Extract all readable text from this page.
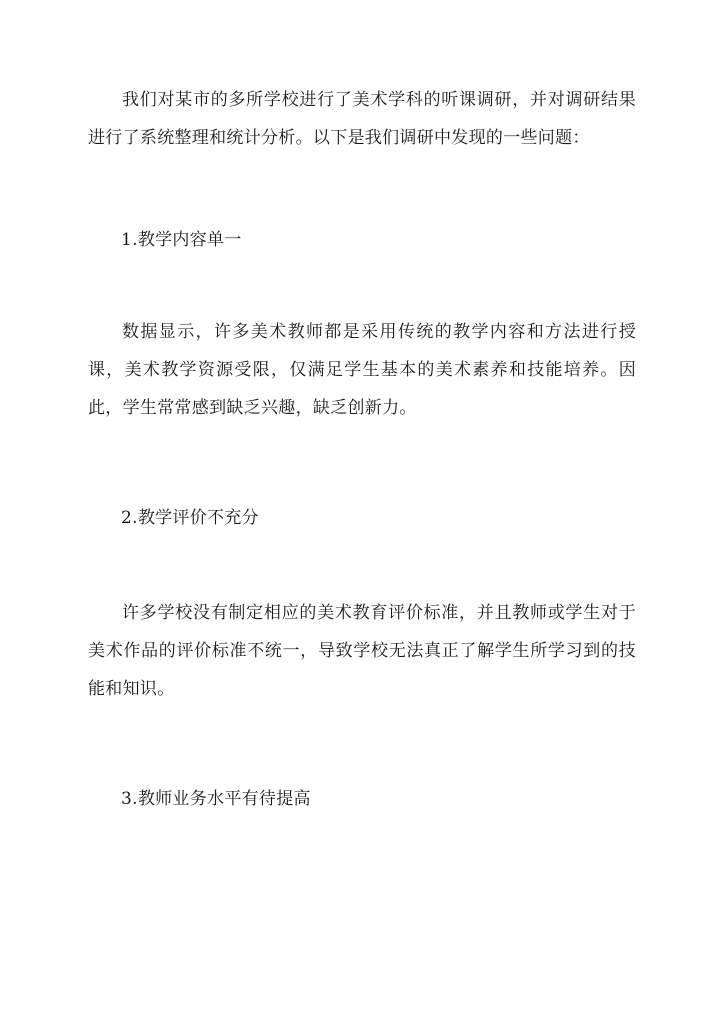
我们对某市的多所学校进行了美术学科的听课调研，并对调研结果进行了系统整理和统计分析。以下是我们调研中发现的一些问题：

1.教学内容单一

数据显示，许多美术教师都是采用传统的教学内容和方法进行授课，美术教学资源受限，仅满足学生基本的美术素养和技能培养。因此，学生常常感到缺乏兴趣，缺乏创新力。

2.教学评价不充分

许多学校没有制定相应的美术教育评价标准，并且教师或学生对于美术作品的评价标准不统一，导致学校无法真正了解学生所学习到的技能和知识。

3.教师业务水平有待提高
